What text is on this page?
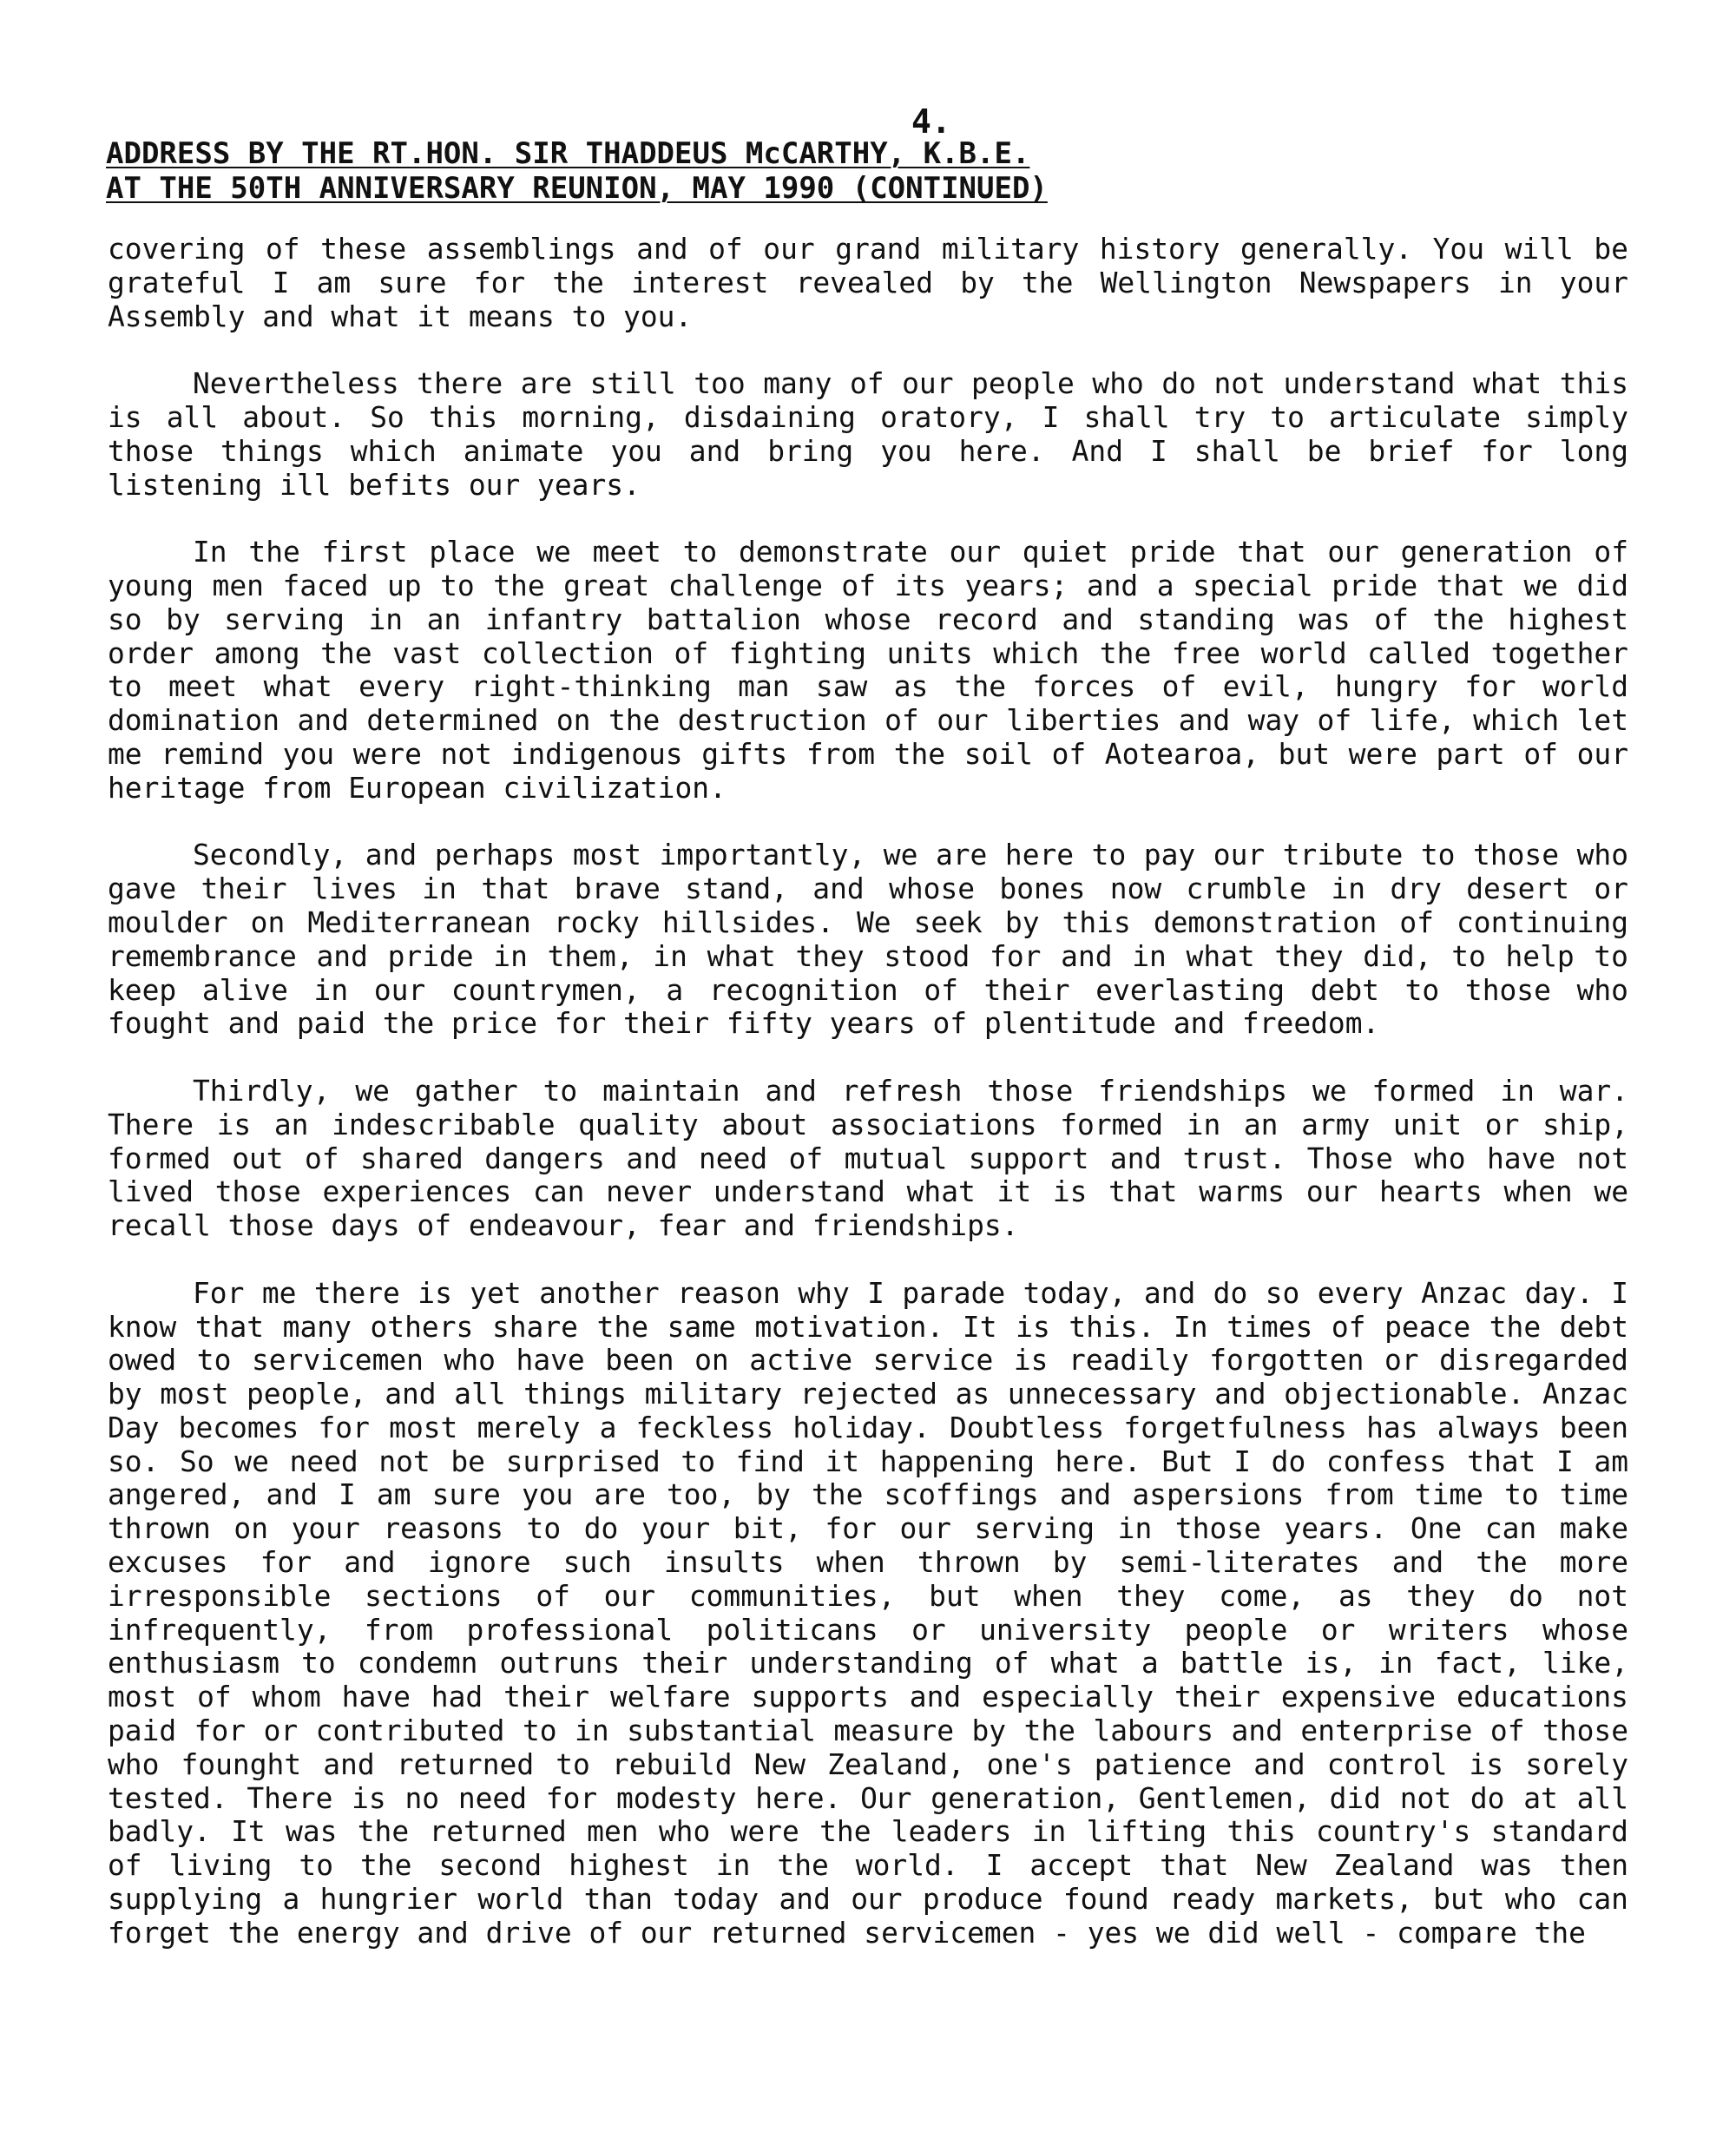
4.
ADDRESS BY THE RT.HON. SIR THADDEUS McCARTHY, K.B.E.
AT THE 50TH ANNIVERSARY REUNION, MAY 1990 (CONTINUED)

covering of these assemblings and of our grand military history generally. You will be grateful I am sure for the interest revealed by the Wellington Newspapers in your Assembly and what it means to you.

Nevertheless there are still too many of our people who do not understand what this is all about. So this morning, disdaining oratory, I shall try to articulate simply those things which animate you and bring you here. And I shall be brief for long listening ill befits our years.

In the first place we meet to demonstrate our quiet pride that our generation of young men faced up to the great challenge of its years; and a special pride that we did so by serving in an infantry battalion whose record and standing was of the highest order among the vast collection of fighting units which the free world called together to meet what every right-thinking man saw as the forces of evil, hungry for world domination and determined on the destruction of our liberties and way of life, which let me remind you were not indigenous gifts from the soil of Aotearoa, but were part of our heritage from European civilization.

Secondly, and perhaps most importantly, we are here to pay our tribute to those who gave their lives in that brave stand, and whose bones now crumble in dry desert or moulder on Mediterranean rocky hillsides. We seek by this demonstration of continuing remembrance and pride in them, in what they stood for and in what they did, to help to keep alive in our countrymen, a recognition of their everlasting debt to those who fought and paid the price for their fifty years of plentitude and freedom.

Thirdly, we gather to maintain and refresh those friendships we formed in war. There is an indescribable quality about associations formed in an army unit or ship, formed out of shared dangers and need of mutual support and trust. Those who have not lived those experiences can never understand what it is that warms our hearts when we recall those days of endeavour, fear and friendships.

For me there is yet another reason why I parade today, and do so every Anzac day. I know that many others share the same motivation. It is this. In times of peace the debt owed to servicemen who have been on active service is readily forgotten or disregarded by most people, and all things military rejected as unnecessary and objectionable. Anzac Day becomes for most merely a feckless holiday. Doubtless forgetfulness has always been so. So we need not be surprised to find it happening here. But I do confess that I am angered, and I am sure you are too, by the scoffings and aspersions from time to time thrown on your reasons to do your bit, for our serving in those years. One can make excuses for and ignore such insults when thrown by semi-literates and the more irresponsible sections of our communities, but when they come, as they do not infrequently, from professional politicans or university people or writers whose enthusiasm to condemn outruns their understanding of what a battle is, in fact, like, most of whom have had their welfare supports and especially their expensive educations paid for or contributed to in substantial measure by the labours and enterprise of those who founght and returned to rebuild New Zealand, one's patience and control is sorely tested. There is no need for modesty here. Our generation, Gentlemen, did not do at all badly. It was the returned men who were the leaders in lifting this country's standard of living to the second highest in the world. I accept that New Zealand was then supplying a hungrier world than today and our produce found ready markets, but who can forget the energy and drive of our returned servicemen - yes we did well - compare the
